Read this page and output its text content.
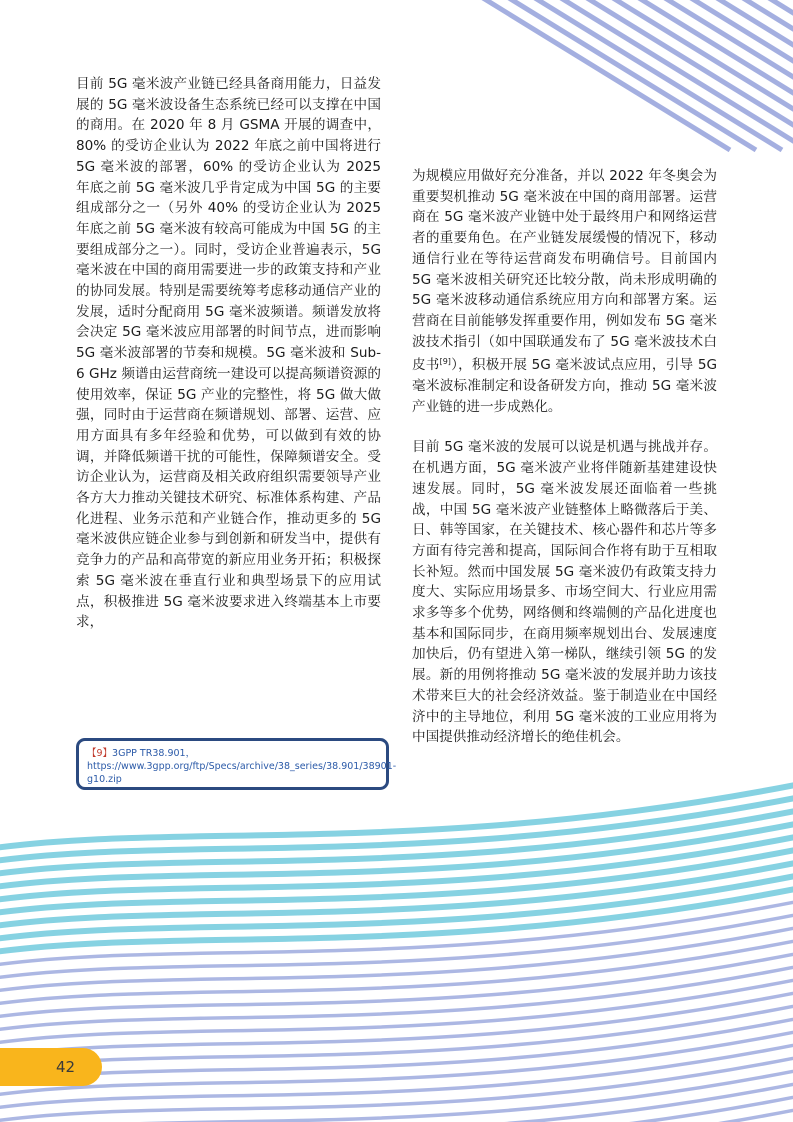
目前 5G 毫米波产业链已经具备商用能力，日益发展的 5G 毫米波设备生态系统已经可以支撑在中国的商用。在 2020 年 8 月 GSMA 开展的调查中，80% 的受访企业认为 2022 年底之前中国将进行 5G 毫米波的部署，60% 的受访企业认为 2025 年底之前 5G 毫米波几乎肯定成为中国 5G 的主要组成部分之一（另外 40% 的受访企业认为 2025 年底之前 5G 毫米波有较高可能成为中国 5G 的主要组成部分之一）。同时，受访企业普遍表示，5G 毫米波在中国的商用需要进一步的政策支持和产业的协同发展。特别是需要统筹考虑移动通信产业的发展，适时分配商用 5G 毫米波频谱。频谱发放将会决定 5G 毫米波应用部署的时间节点，进而影响 5G 毫米波部署的节奏和规模。5G 毫米波和 Sub-6 GHz 频谱由运营商统一建设可以提高频谱资源的使用效率，保证 5G 产业的完整性，将 5G 做大做强，同时由于运营商在频谱规划、部署、运营、应用方面具有多年经验和优势，可以做到有效的协调，并降低频谱干扰的可能性，保障频谱安全。受访企业认为，运营商及相关政府组织需要领导产业各方大力推动关键技术研究、标准体系构建、产品化进程、业务示范和产业链合作，推动更多的 5G 毫米波供应链企业参与到创新和研发当中，提供有竞争力的产品和高带宽的新应用业务开拓；积极探索 5G 毫米波在垂直行业和典型场景下的应用试点，积极推进 5G 毫米波要求进入终端基本上市要求，

为规模应用做好充分准备，并以 2022 年冬奥会为重要契机推动 5G 毫米波在中国的商用部署。运营商在 5G 毫米波产业链中处于最终用户和网络运营者的重要角色。在产业链发展缓慢的情况下，移动通信行业在等待运营商发布明确信号。目前国内 5G 毫米波相关研究还比较分散，尚未形成明确的 5G 毫米波移动通信系统应用方向和部署方案。运营商在目前能够发挥重要作用，例如发布 5G 毫米波技术指引（如中国联通发布了 5G 毫米波技术白皮书[9]），积极开展 5G 毫米波试点应用，引导 5G 毫米波标准制定和设备研发方向，推动 5G 毫米波产业链的进一步成熟化。

目前 5G 毫米波的发展可以说是机遇与挑战并存。在机遇方面，5G 毫米波产业将伴随新基建建设快速发展。同时，5G 毫米波发展还面临着一些挑战，中国 5G 毫米波产业链整体上略微落后于美、日、韩等国家，在关键技术、核心器件和芯片等多方面有待完善和提高，国际间合作将有助于互相取长补短。然而中国发展 5G 毫米波仍有政策支持力度大、实际应用场景多、市场空间大、行业应用需求多等多个优势，网络侧和终端侧的产品化进度也基本和国际同步，在商用频率规划出台、发展速度加快后，仍有望进入第一梯队，继续引领 5G 的发展。新的用例将推动 5G 毫米波的发展并助力该技术带来巨大的社会经济效益。鉴于制造业在中国经济中的主导地位，利用 5G 毫米波的工业应用将为中国提供推动经济增长的绝佳机会。

【9】3GPP TR38.901，https://www.3gpp.org/ftp/Specs/archive/38_series/38.901/38901-g10.zip
42
